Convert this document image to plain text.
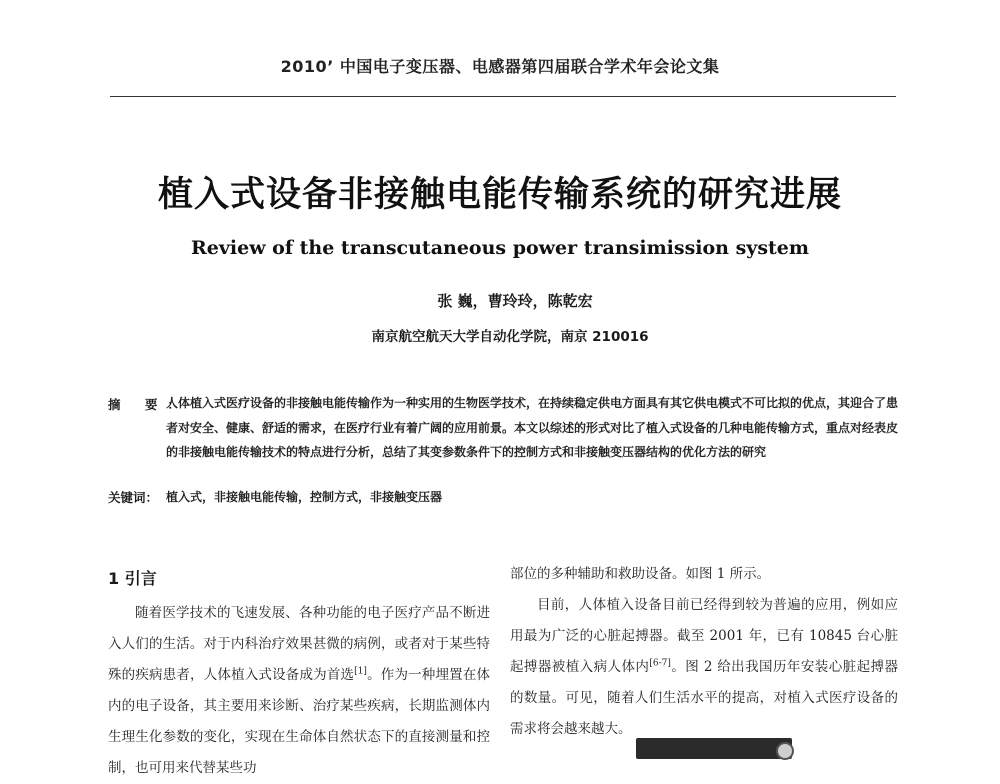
2010’ 中国电子变压器、电感器第四届联合学术年会论文集
植入式设备非接触电能传输系统的研究进展
Review of the transcutaneous power transimission system
张 巍，曹玲玲，陈乾宏
南京航空航天大学自动化学院，南京 210016
摘 要：
人体植入式医疗设备的非接触电能传输作为一种实用的生物医学技术，在持续稳定供电方面具有其它供电模式不可比拟的优点，其迎合了患者对安全、健康、舒适的需求，在医疗行业有着广阔的应用前景。本文以综述的形式对比了植入式设备的几种电能传输方式，重点对经表皮的非接触电能传输技术的特点进行分析，总结了其变参数条件下的控制方式和非接触变压器结构的优化方法的研究
关键词： 植入式，非接触电能传输，控制方式，非接触变压器
1 引言

随着医学技术的飞速发展、各种功能的电子医疗产品不断进入人们的生活。对于内科治疗效果甚微的病例，或者对于某些特殊的疾病患者，人体植入式设备成为首选[1]。作为一种埋置在体内的电子设备，其主要用来诊断、治疗某些疾病，长期监测体内生理生化参数的变化，实现在生命体自然状态下的直接测量和控制，也可用来代替某些功

部位的多种辅助和救助设备。如图 1 所示。

目前，人体植入设备目前已经得到较为普遍的应用，例如应用最为广泛的心脏起搏器。截至 2001 年，已有 10845 台心脏起搏器被植入病人体内[6-7]。图 2 给出我国历年安装心脏起搏器的数量。可见，随着人们生活水平的提高，对植入式医疗设备的需求将会越来越大。
